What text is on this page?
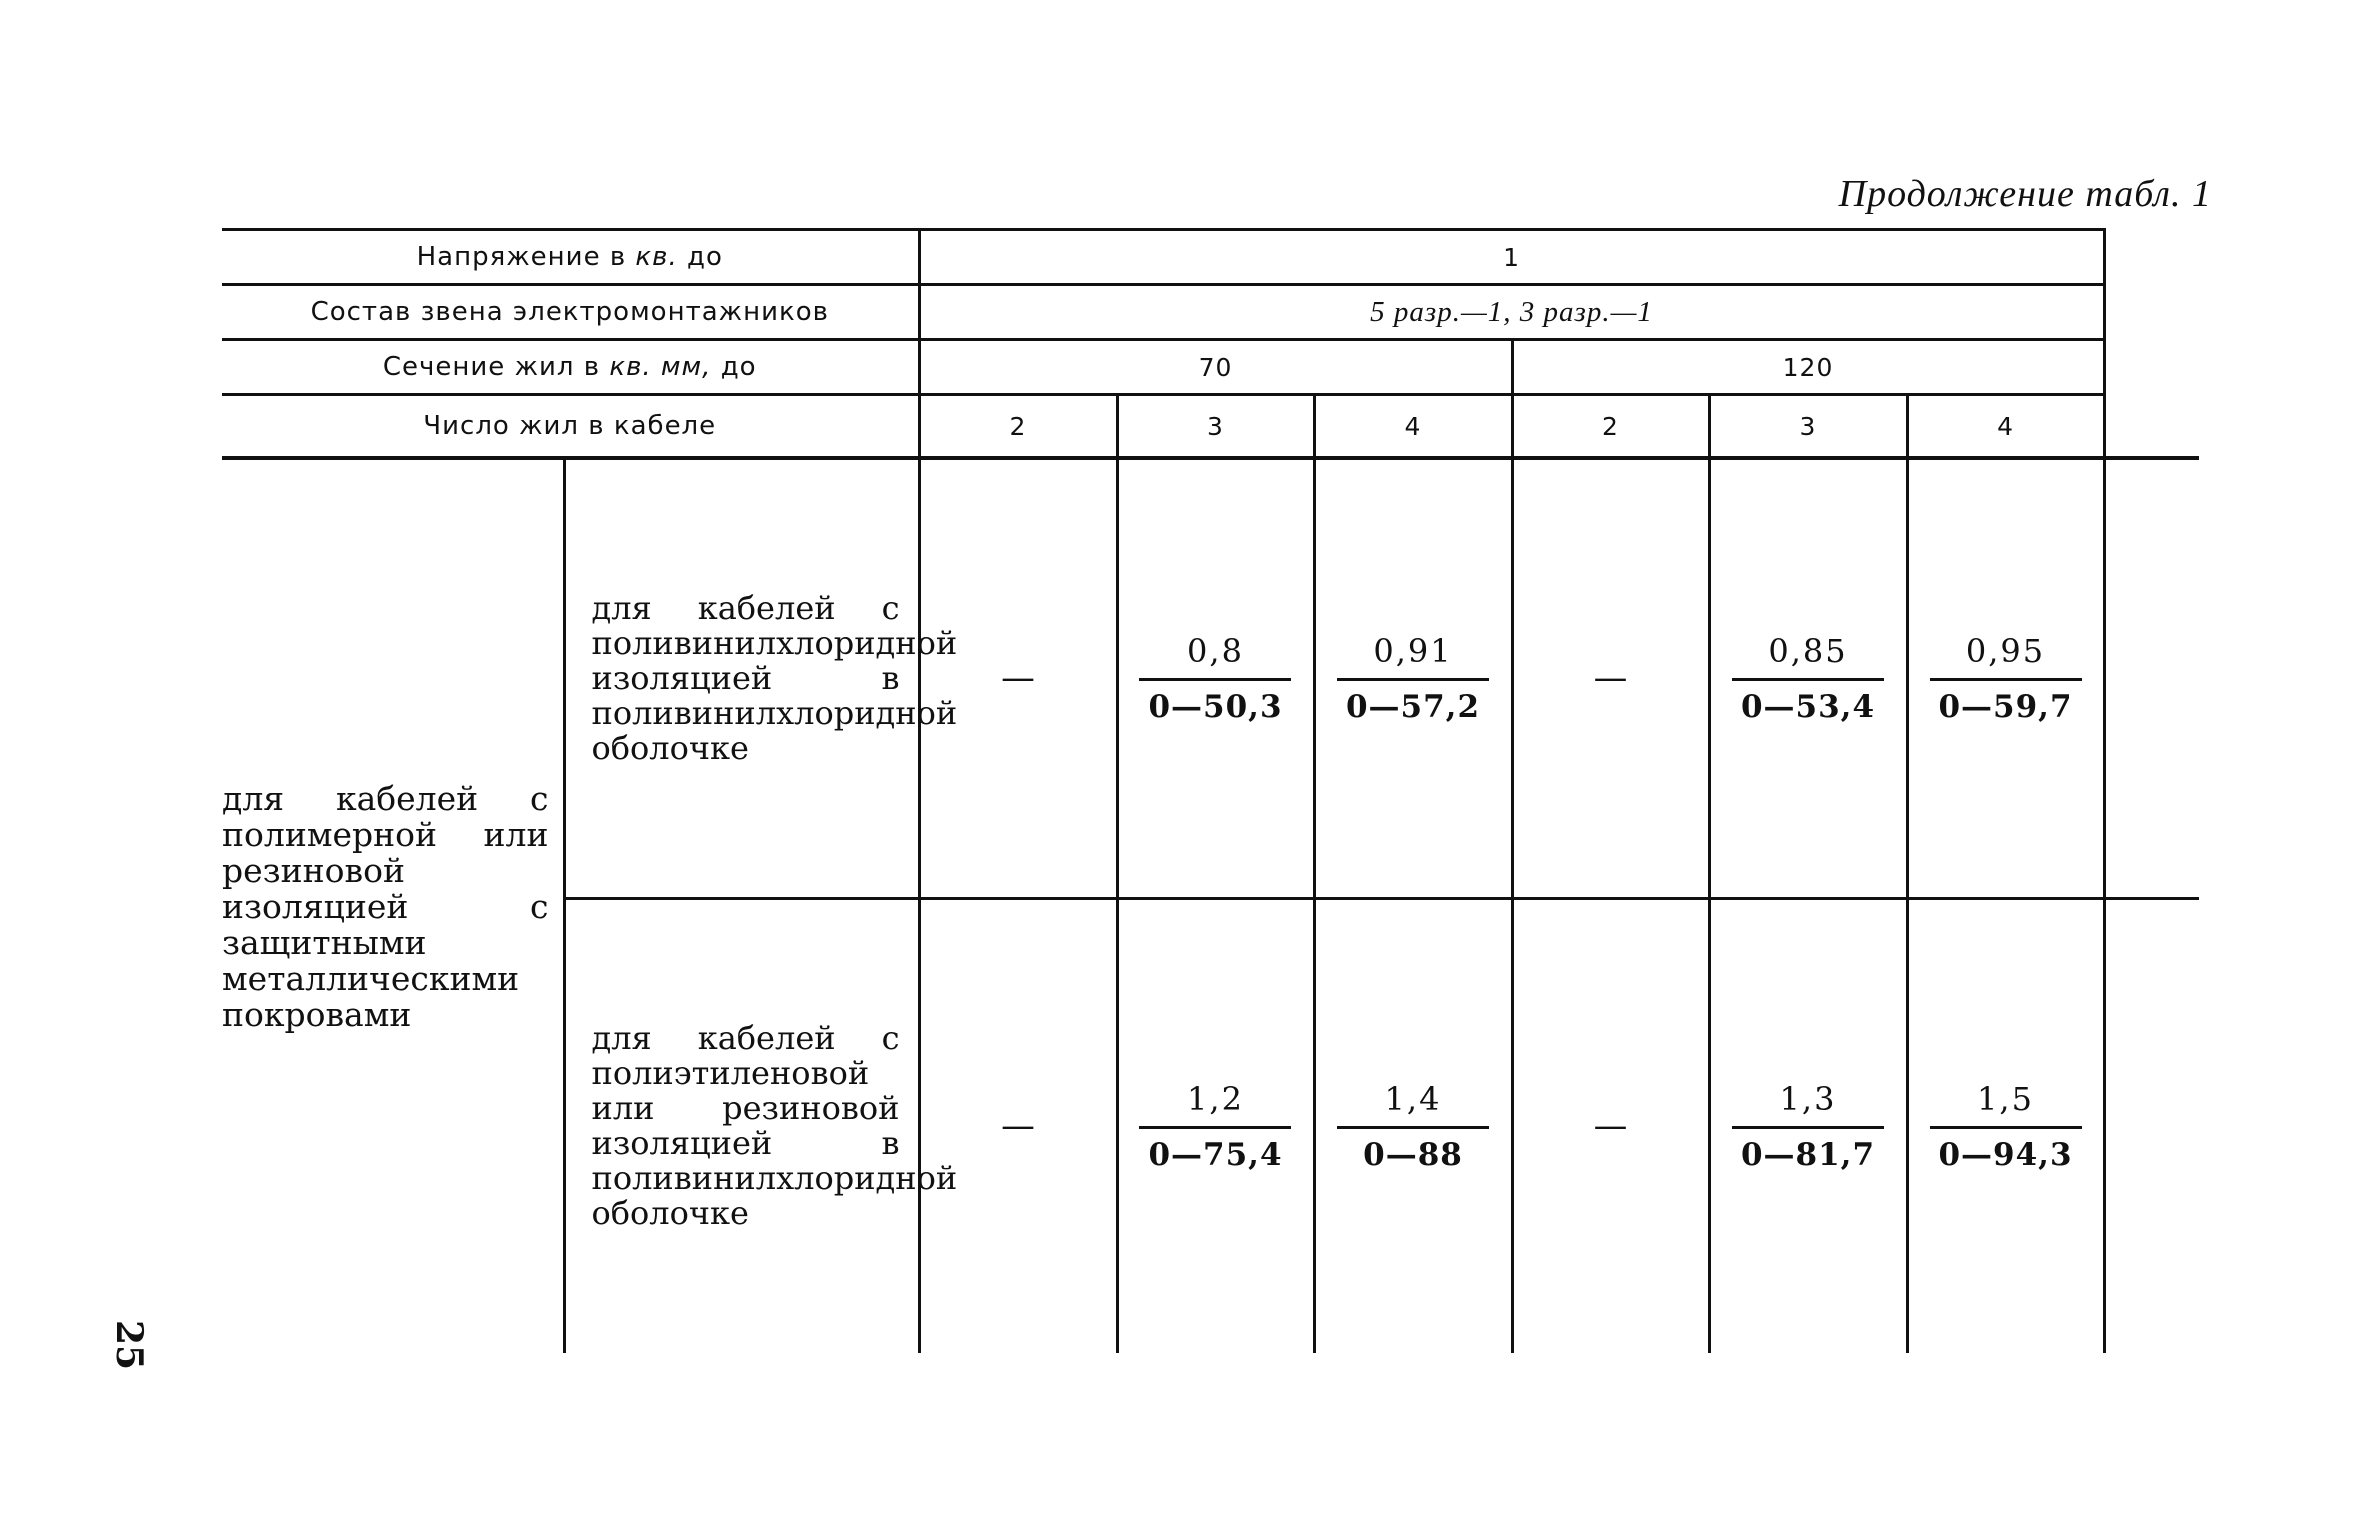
Продолжение табл. 1
25
Напряжение в кв. до		1						
Состав звена электромонтажников		5 разр.—1, 3 разр.—1						
Сечение жил в кв. мм, до		70			120			
Число жил в кабеле		2	3	4	2	3	4	
для кабелей с полимерной или резиновой изоляцией с защитными металлическими покровами	для кабелей с поливинилхлоридной изоляцией в поливинилхлоридной оболочке	—	$\frac{0,8}{0—50,3}$	$\frac{0,91}{0—57,2}$	—	$\frac{0,85}{0—53,4}$	$\frac{0,95}{0—59,7}$

	для кабелей с полиэтиленовой или резиновой изоляцией в поливинилхлоридной оболочке	—	$\frac{1,2}{0—75,4}$	$\frac{1,4}{0—88}$	—	$\frac{1,3}{0—81,7}$	$\frac{1,5}{0—94,3}$
